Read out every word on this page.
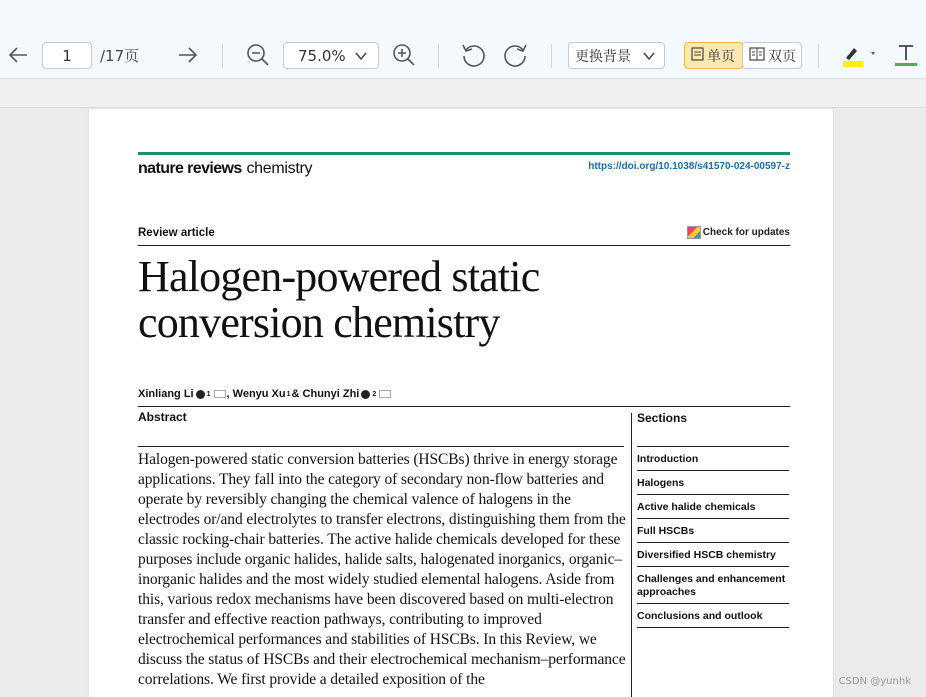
1 /17页	75.0%	更换背景	单页 双页
nature reviews chemistry	https://doi.org/10.1038/s41570-024-00597-z
Review article	Check for updates
Halogen-powered static conversion chemistry
Xinliang Li 1 , Wenyu Xu 1 & Chunyi Zhi 2
Abstract
Halogen-powered static conversion batteries (HSCBs) thrive in energy storage applications. They fall into the category of secondary non-flow batteries and operate by reversibly changing the chemical valence of halogens in the electrodes or/and electrolytes to transfer electrons, distinguishing them from the classic rocking-chair batteries. The active halide chemicals developed for these purposes include organic halides, halide salts, halogenated inorganics, organic–inorganic halides and the most widely studied elemental halogens. Aside from this, various redox mechanisms have been discovered based on multi-electron transfer and effective reaction pathways, contributing to improved electrochemical performances and stabilities of HSCBs. In this Review, we discuss the status of HSCBs and their electrochemical mechanism–performance correlations. We first provide a detailed exposition of the
Sections
Introduction
Halogens
Active halide chemicals
Full HSCBs
Diversified HSCB chemistry
Challenges and enhancement approaches
Conclusions and outlook
CSDN @yunhk
